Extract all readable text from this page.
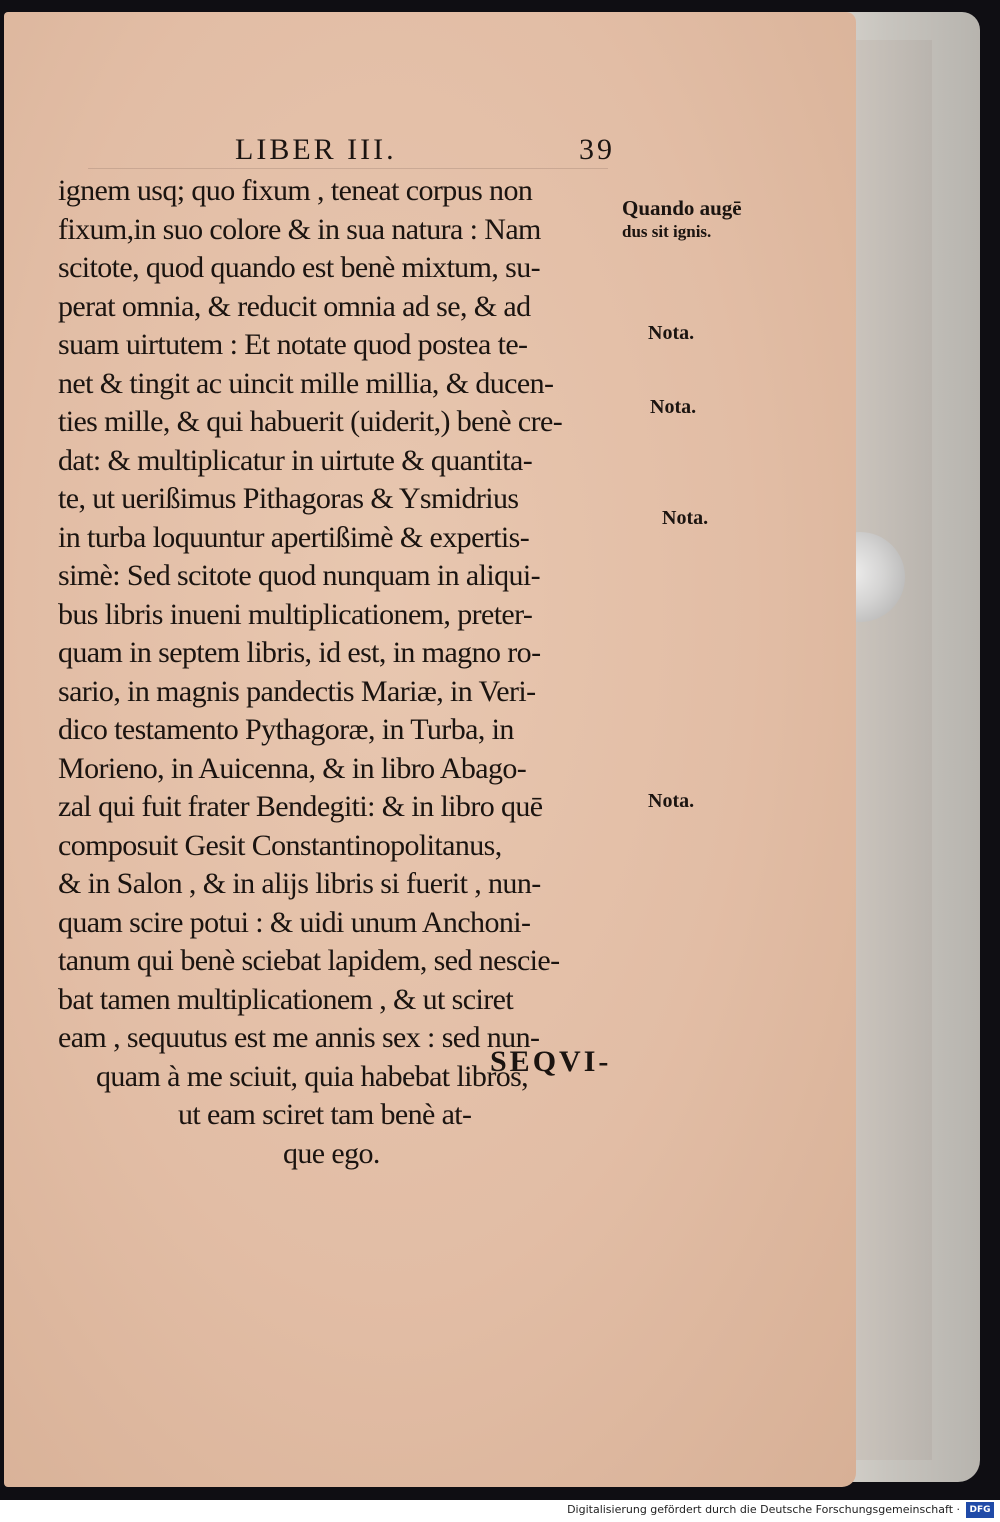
LIBER III.	39
ignem usq; quo fixum , teneat corpus non
fixum,in suo colore & in sua natura : Nam
scitote, quod quando est benè mixtum, su-
perat omnia, & reducit omnia ad se, & ad
suam uirtutem : Et notate quod postea te-
net & tingit ac uincit mille millia, & ducen-
ties mille, & qui habuerit (uiderit,) benè cre-
dat: & multiplicatur in uirtute & quantita-
te, ut uerißimus Pithagoras & Ysmidrius
in turba loquuntur apertißimè & expertis-
simè: Sed scitote quod nunquam in aliqui-
bus libris inueni multiplicationem, preter-
quam in septem libris, id est, in magno ro-
sario, in magnis pandectis Mariæ, in Veri-
dico testamento Pythagoræ, in Turba, in
Morieno, in Auicenna, & in libro Abago-
zal qui fuit frater Bendegiti: & in libro quē
composuit Gesit Constantinopolitanus,
& in Salon , & in alijs libris si fuerit , nun-
quam scire potui : & uidi unum Anchoni-
tanum qui benè sciebat lapidem, sed nescie-
bat tamen multiplicationem , & ut sciret
eam , sequutus est me annis sex : sed nun-
quam à me sciuit, quia habebat libros,
ut eam sciret tam benè at-
que ego.
SEQVI-
Quando augē
dus sit ignis.
Nota.
Nota.
Nota.
Nota.
Digitalisierung gefördert durch die Deutsche Forschungsgemeinschaft ·	DFG
